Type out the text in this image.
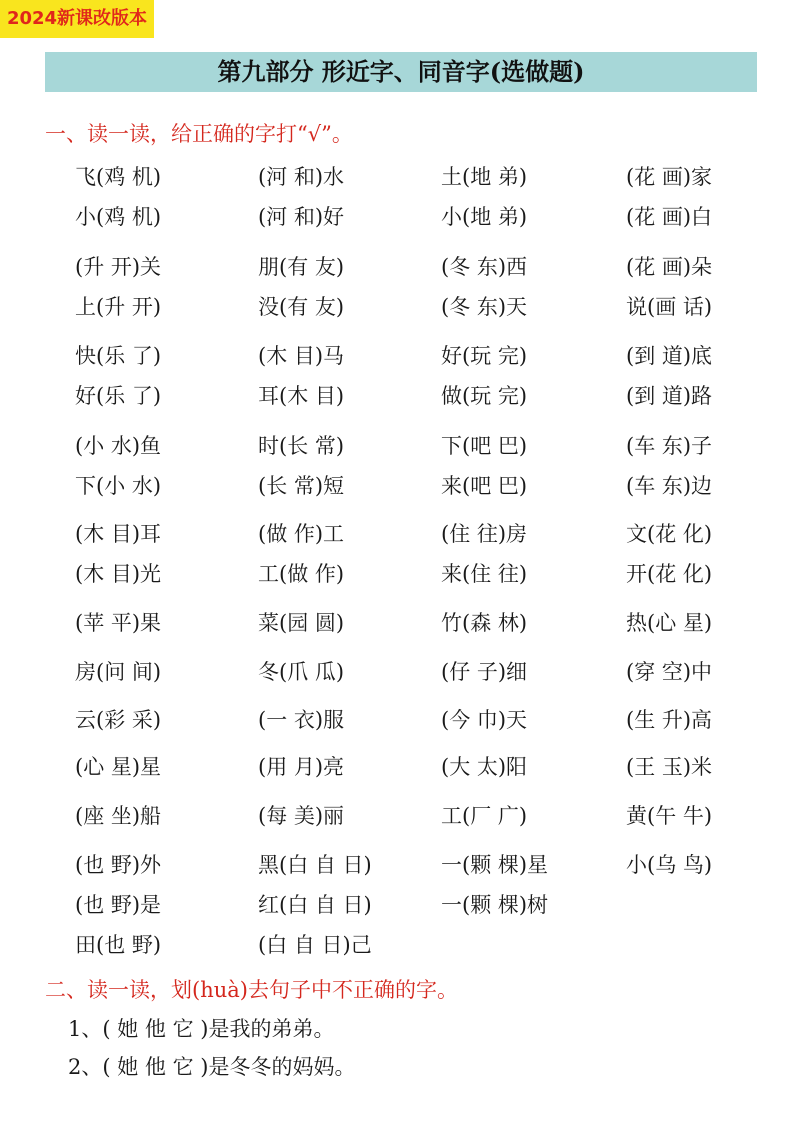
2024新课改版本
第九部分 形近字、同音字(选做题)
一、读一读，给正确的字打“√”。
飞(鸡 机)	(河 和)水	土(地 弟)	(花 画)家
小(鸡 机)	(河 和)好	小(地 弟)	(花 画)白
(升 开)关	朋(有 友)	(冬 东)西	(花 画)朵
上(升 开)	没(有 友)	(冬 东)天	说(画 话)
快(乐 了)	(木 目)马	好(玩 完)	(到 道)底
好(乐 了)	耳(木 目)	做(玩 完)	(到 道)路
(小 水)鱼	时(长 常)	下(吧 巴)	(车 东)子
下(小 水)	(长 常)短	来(吧 巴)	(车 东)边
(木 目)耳	(做 作)工	(住 往)房	文(花 化)
(木 目)光	工(做 作)	来(住 往)	开(花 化)
(苹 平)果	菜(园 圆)	竹(森 林)	热(心 星)
房(问 间)	冬(爪 瓜)	(仔 子)细	(穿 空)中
云(彩 采)	(一 衣)服	(今 巾)天	(生 升)高
(心 星)星	(用 月)亮	(大 太)阳	(王 玉)米
(座 坐)船	(每 美)丽	工(厂 广)	黄(午 牛)
(也 野)外	黑(白 自 日)	一(颗 棵)星	小(乌 鸟)
(也 野)是	红(白 自 日)	一(颗 棵)树
田(也 野)	(白 自 日)己
二、读一读，划(huà)去句子中不正确的字。
1、( 她 他 它 )是我的弟弟。
2、( 她 他 它 )是冬冬的妈妈。
